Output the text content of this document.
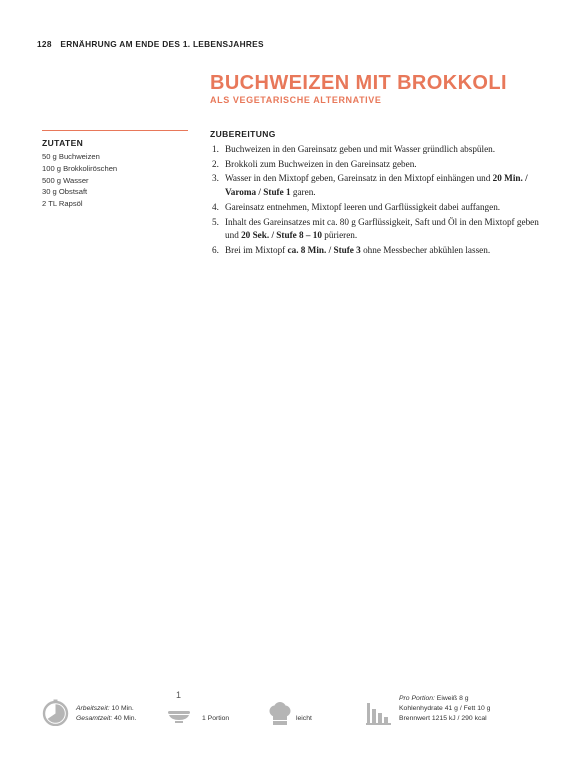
128 ERNÄHRUNG AM ENDE DES 1. LEBENSJAHRES
BUCHWEIZEN MIT BROKKOLI
ALS VEGETARISCHE ALTERNATIVE
ZUTATEN
50 g Buchweizen
100 g Brokkoliröschen
500 g Wasser
30 g Obstsaft
2 TL Rapsöl
ZUBEREITUNG
1. Buchweizen in den Gareinsatz geben und mit Wasser gründlich abspülen.
2. Brokkoli zum Buchweizen in den Gareinsatz geben.
3. Wasser in den Mixtopf geben, Gareinsatz in den Mixtopf einhängen und 20 Min. / Varoma / Stufe 1 garen.
4. Gareinsatz entnehmen, Mixtopf leeren und Garflüssigkeit dabei auffangen.
5. Inhalt des Gareinsatzes mit ca. 80 g Garflüssigkeit, Saft und Öl in den Mixtopf geben und 20 Sek. / Stufe 8 – 10 pürieren.
6. Brei im Mixtopf ca. 8 Min. / Stufe 3 ohne Messbecher abkühlen lassen.
Arbeitszeit: 10 Min.
Gesamtzeit: 40 Min.
1
1 Portion	leicht
Pro Portion: Eiweiß 8 g
Kohlenhydrate 41 g / Fett 10 g
Brennwert 1215 kJ / 290 kcal
